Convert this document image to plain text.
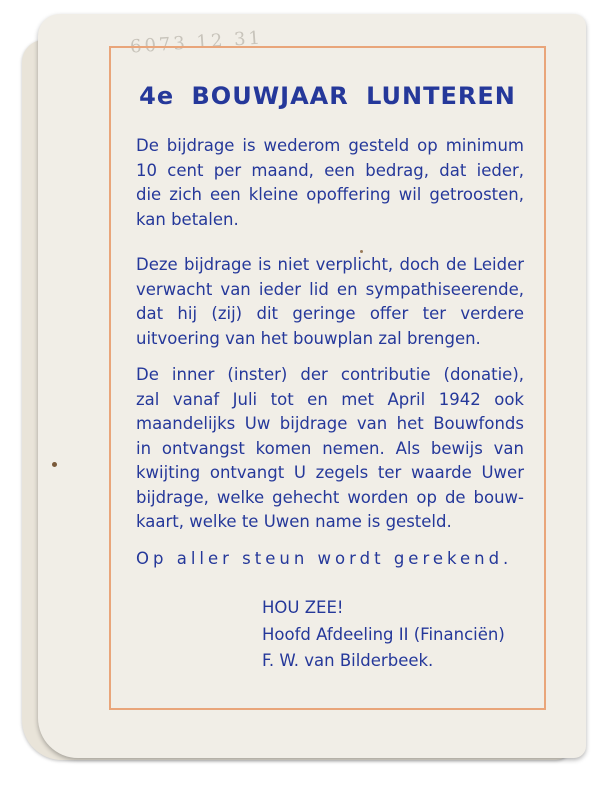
6073 12 31
4e BOUWJAAR LUNTEREN

De bijdrage is wederom gesteld op minimum
10 cent per maand, een bedrag, dat ieder,
die zich een kleine opoffering wil getroosten,
kan betalen.

Deze bijdrage is niet verplicht, doch de Leider
verwacht van ieder lid en sympathiseerende,
dat hij (zij) dit geringe offer ter verdere
uitvoering van het bouwplan zal brengen.

De inner (inster) der contributie (donatie),
zal vanaf Juli tot en met April 1942 ook
maandelijks Uw bijdrage van het Bouwfonds
in ontvangst komen nemen. Als bewijs van
kwijting ontvangt U zegels ter waarde Uwer
bijdrage, welke gehecht worden op de bouw-
kaart, welke te Uwen name is gesteld.

Op aller steun wordt gerekend.

HOU ZEE!
Hoofd Afdeeling II (Financiën)
F. W. van Bilderbeek.
